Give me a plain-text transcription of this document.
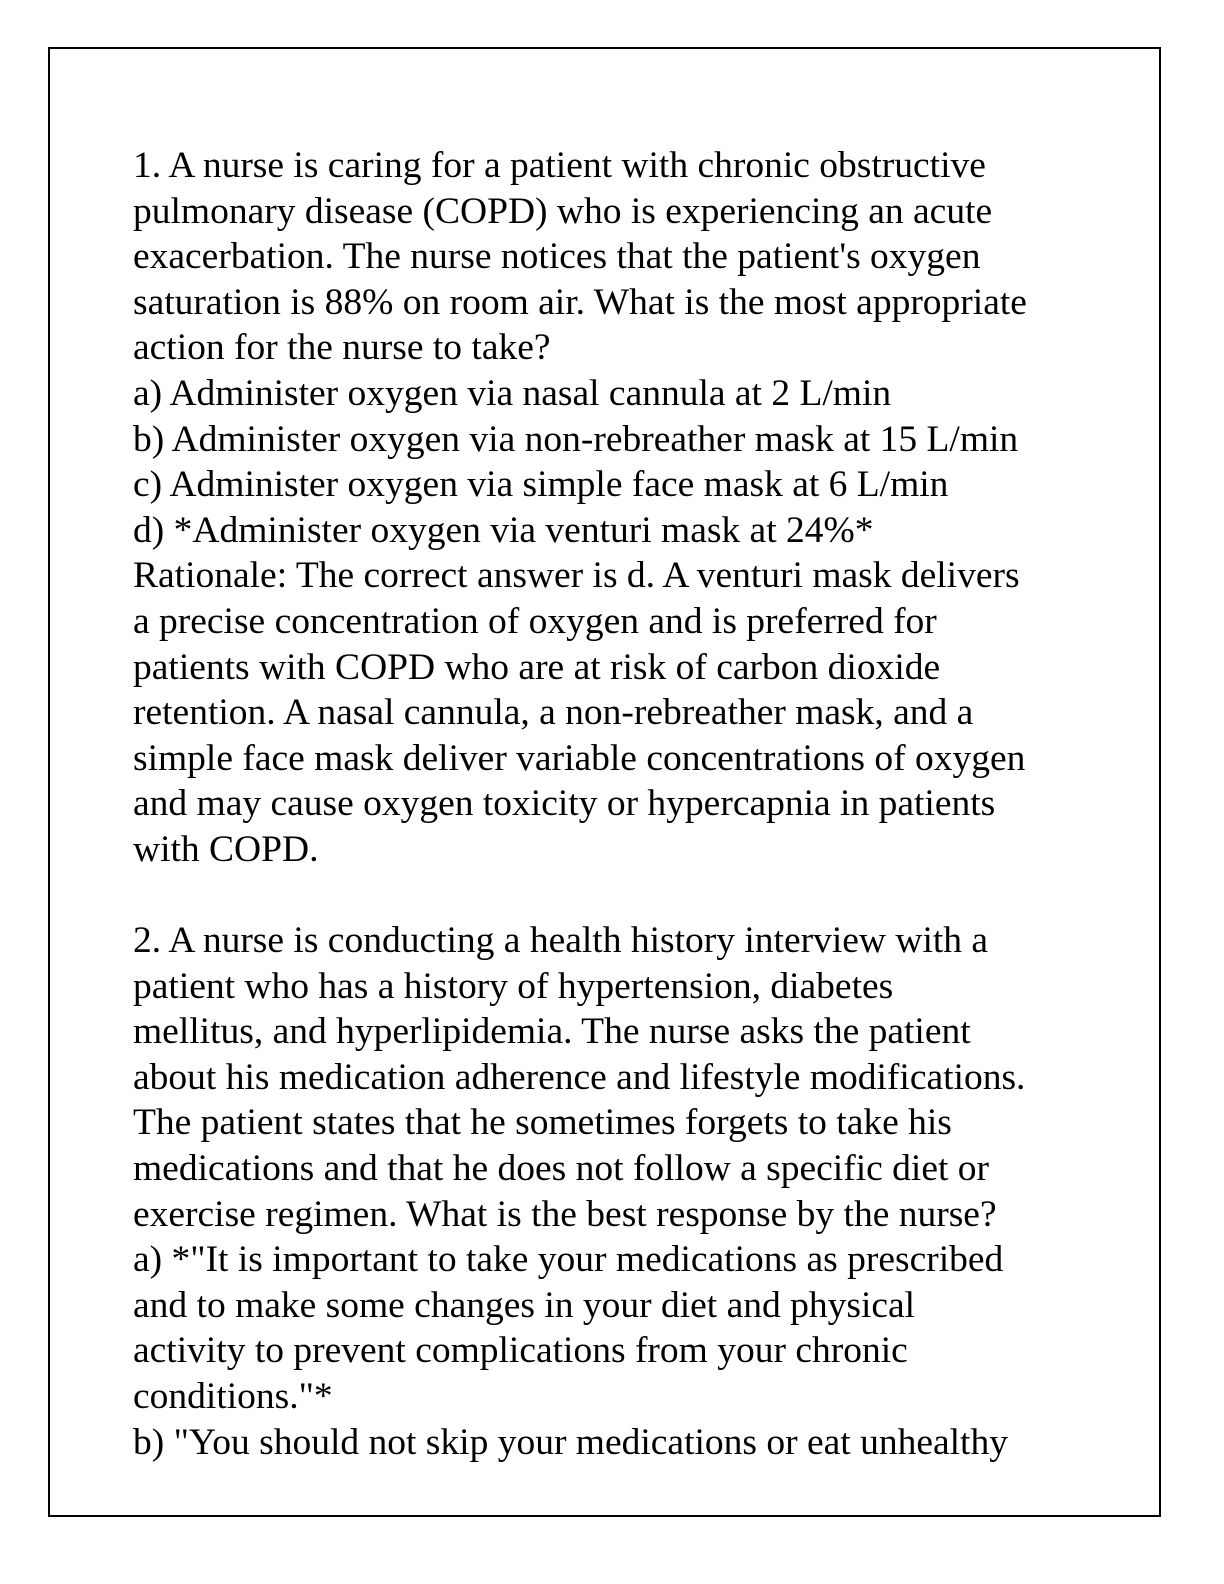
1. A nurse is caring for a patient with chronic obstructive
pulmonary disease (COPD) who is experiencing an acute
exacerbation. The nurse notices that the patient's oxygen
saturation is 88% on room air. What is the most appropriate
action for the nurse to take?
a) Administer oxygen via nasal cannula at 2 L/min
b) Administer oxygen via non-rebreather mask at 15 L/min
c) Administer oxygen via simple face mask at 6 L/min
d) *Administer oxygen via venturi mask at 24%*
Rationale: The correct answer is d. A venturi mask delivers
a precise concentration of oxygen and is preferred for
patients with COPD who are at risk of carbon dioxide
retention. A nasal cannula, a non-rebreather mask, and a
simple face mask deliver variable concentrations of oxygen
and may cause oxygen toxicity or hypercapnia in patients
with COPD.
2. A nurse is conducting a health history interview with a
patient who has a history of hypertension, diabetes
mellitus, and hyperlipidemia. The nurse asks the patient
about his medication adherence and lifestyle modifications.
The patient states that he sometimes forgets to take his
medications and that he does not follow a specific diet or
exercise regimen. What is the best response by the nurse?
a) *"It is important to take your medications as prescribed
and to make some changes in your diet and physical
activity to prevent complications from your chronic
conditions."*
b) "You should not skip your medications or eat unhealthy
